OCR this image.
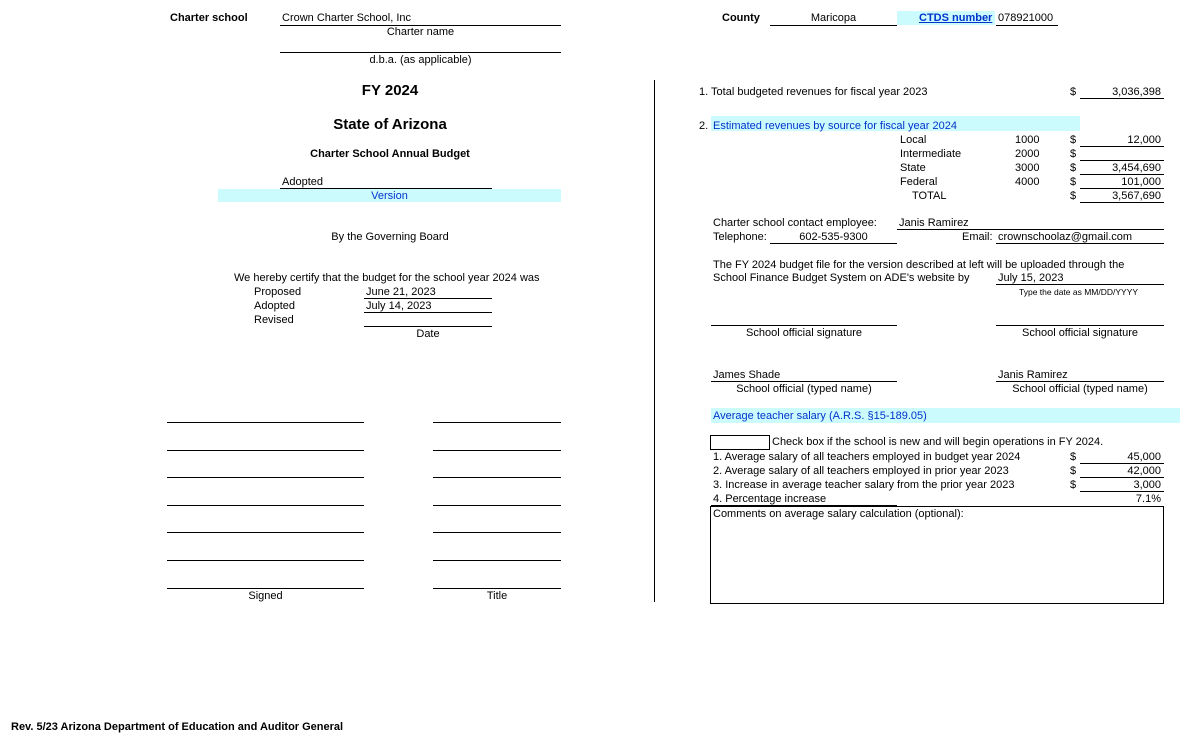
Charter school	Crown Charter School, Inc
Charter name
d.b.a. (as applicable)
County	Maricopa	CTDS number 078921000
FY 2024
State of Arizona
Charter School Annual Budget
Adopted
Version
By the Governing Board
We hereby certify that the budget for the school year 2024 was
Proposed	June 21, 2023
Adopted	July 14, 2023
Revised
Date
Signed	Title
1. Total budgeted revenues for fiscal year 2023	$	3,036,398
2. Estimated revenues by source for fiscal year 2024
Local	1000	$	12,000
Intermediate	2000	$
State	3000	$	3,454,690
Federal	4000	$	101,000
TOTAL	$	3,567,690
Charter school contact employee: Janis Ramirez
Telephone:	602-535-9300	Email: crownschoolaz@gmail.com
The FY 2024 budget file for the version described at left will be uploaded through the
School Finance Budget System on ADE's website by	July 15, 2023
Type the date as MM/DD/YYYY
School official signature	School official signature
James Shade
School official (typed name)
Janis Ramirez
School official (typed name)
Average teacher salary (A.R.S. §15-189.05)
Check box if the school is new and will begin operations in FY 2024.
1. Average salary of all teachers employed in budget year 2024	$	45,000
2. Average salary of all teachers employed in prior year 2023	$	42,000
3. Increase in average teacher salary from the prior year 2023	$	3,000
4. Percentage increase	7.1%
Comments on average salary calculation (optional):
Rev. 5/23 Arizona Department of Education and Auditor General
